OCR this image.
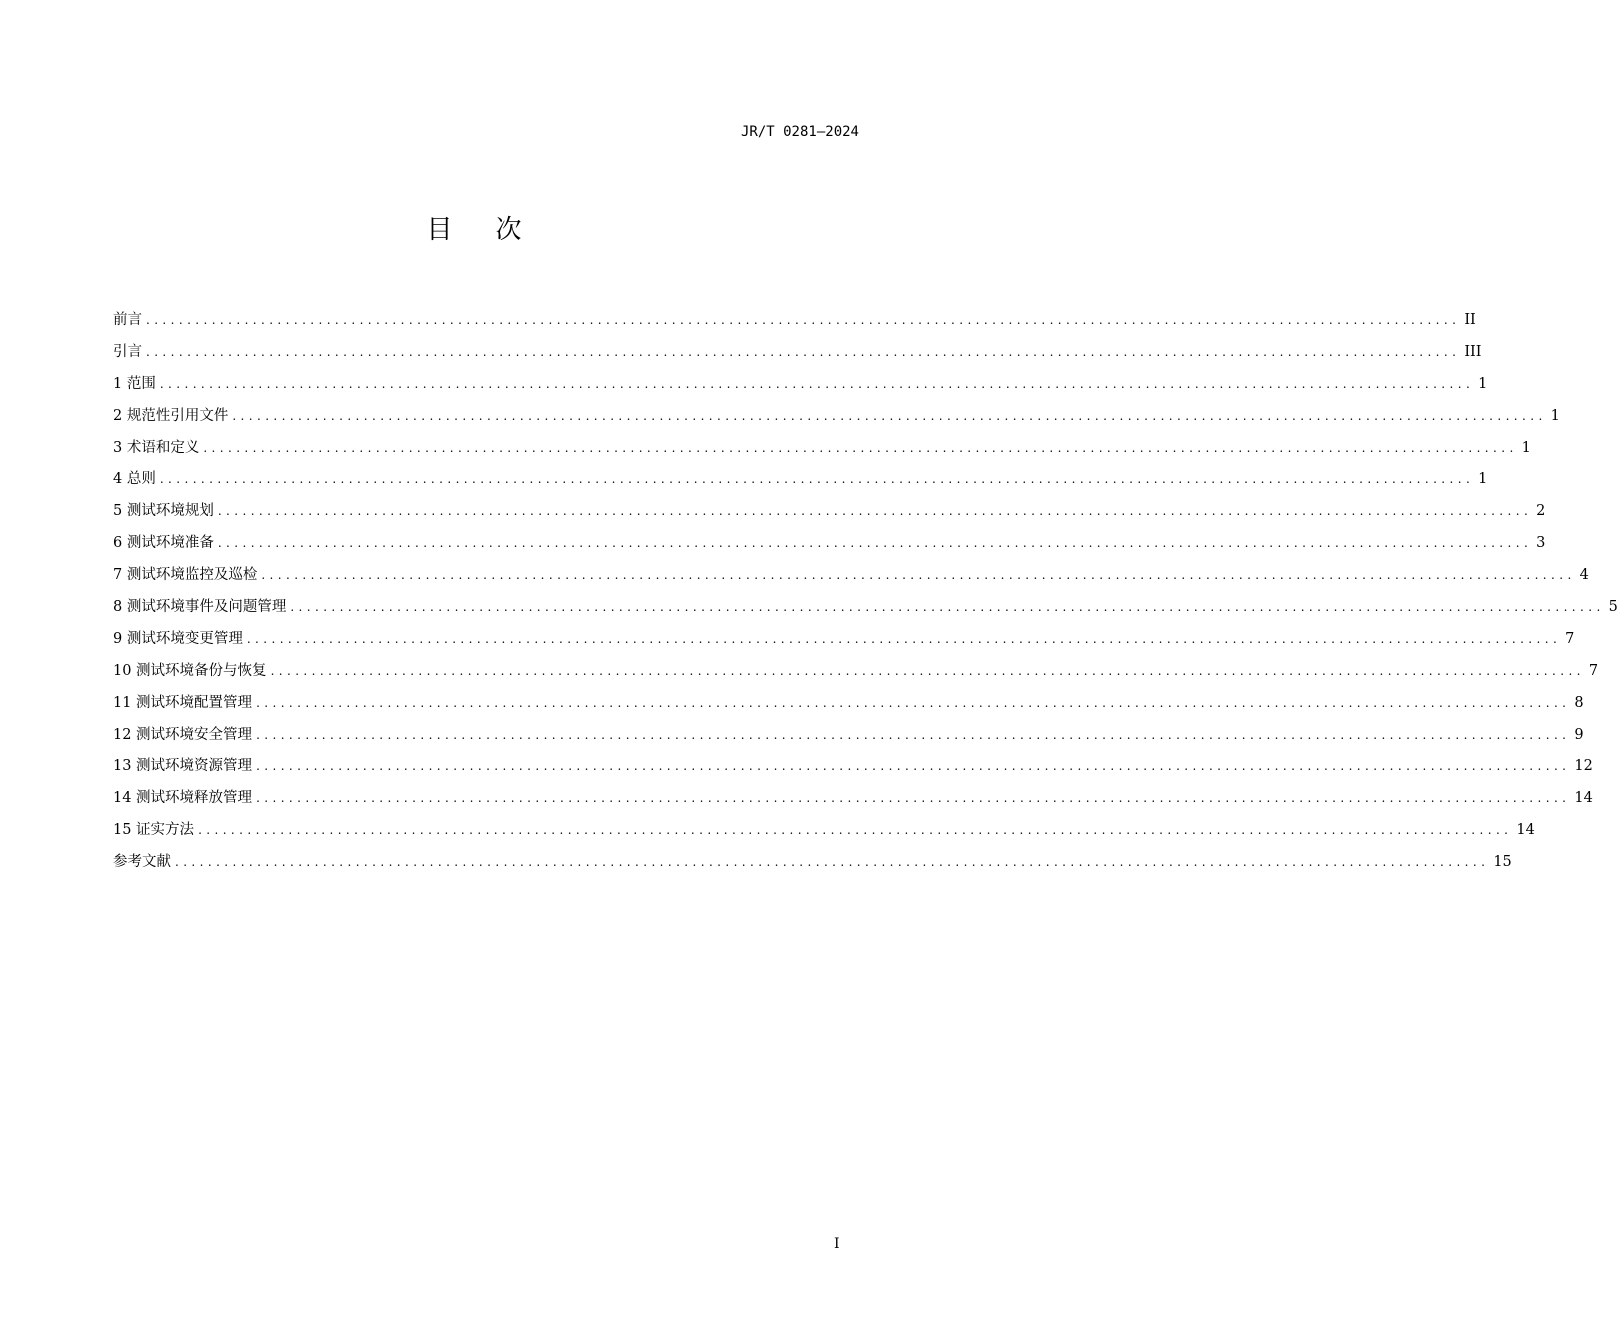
JR/T 0281—2024
目    次
前言 ................................................................................................................................................................ II
引言 ................................................................................................................................................................ III
1 范围 ................................................................................................................................................................ 1
2 规范性引用文件 ................................................................................................................................................................ 1
3 术语和定义 ................................................................................................................................................................ 1
4 总则 ................................................................................................................................................................ 1
5 测试环境规划 ................................................................................................................................................................ 2
6 测试环境准备 ................................................................................................................................................................ 3
7 测试环境监控及巡检 ................................................................................................................................................................ 4
8 测试环境事件及问题管理 ................................................................................................................................................................ 5
9 测试环境变更管理 ................................................................................................................................................................ 7
10 测试环境备份与恢复 ................................................................................................................................................................ 7
11 测试环境配置管理 ................................................................................................................................................................ 8
12 测试环境安全管理 ................................................................................................................................................................ 9
13 测试环境资源管理 ................................................................................................................................................................ 12
14 测试环境释放管理 ................................................................................................................................................................ 14
15 证实方法 ................................................................................................................................................................ 14
参考文献 ................................................................................................................................................................ 15
I
